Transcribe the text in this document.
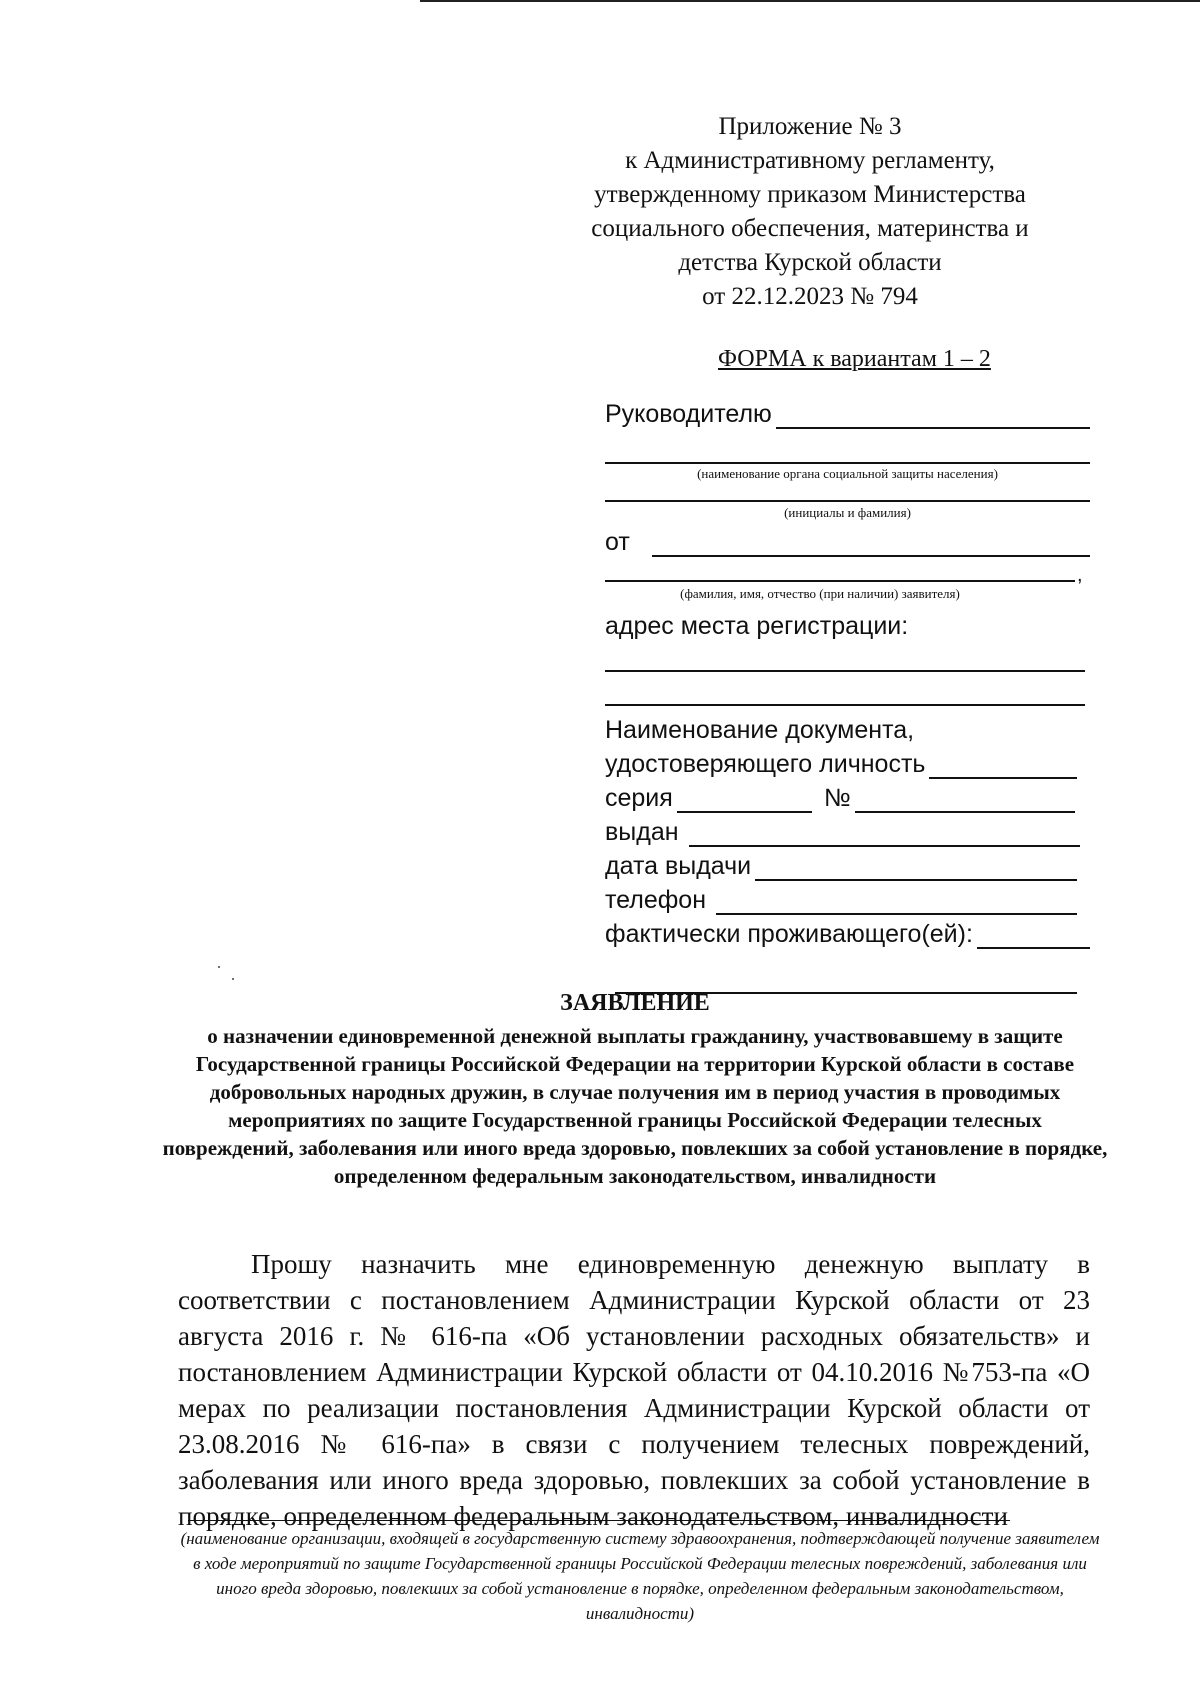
Приложение № 3
к Административному регламенту,
утвержденному приказом Министерства
социального обеспечения, материнства и
детства Курской области
от 22.12.2023 № 794
ФОРМА к вариантам 1 – 2
Руководителю
(наименование органа социальной защиты населения)
(инициалы и фамилия)
от
,
(фамилия, имя, отчество (при наличии) заявителя)
адрес места регистрации:
Наименование документа,
удостоверяющего личность
серия	№
выдан
дата выдачи
телефон
фактически проживающего(ей):
ЗАЯВЛЕНИЕ
о назначении единовременной денежной выплаты гражданину, участвовавшему в защите Государственной границы Российской Федерации на территории Курской области в составе добровольных народных дружин, в случае получения им в период участия в проводимых мероприятиях по защите Государственной границы Российской Федерации телесных повреждений, заболевания или иного вреда здоровью, повлекших за собой установление в порядке, определенном федеральным законодательством, инвалидности

Прошу назначить мне единовременную денежную выплату в соответствии с постановлением Администрации Курской области от 23 августа 2016 г. № 616-па «Об установлении расходных обязательств» и постановлением Администрации Курской области от 04.10.2016 №753-па «О мерах по реализации постановления Администрации Курской области от 23.08.2016 № 616-па» в связи с получением телесных повреждений, заболевания или иного вреда здоровью, повлекших за собой установление в порядке, определенном федеральным законодательством, инвалидности

(наименование организации, входящей в государственную систему здравоохранения, подтверждающей получение заявителем в ходе мероприятий по защите Государственной границы Российской Федерации телесных повреждений, заболевания или иного вреда здоровью, повлекших за собой установление в порядке, определенном федеральным законодательством, инвалидности)
